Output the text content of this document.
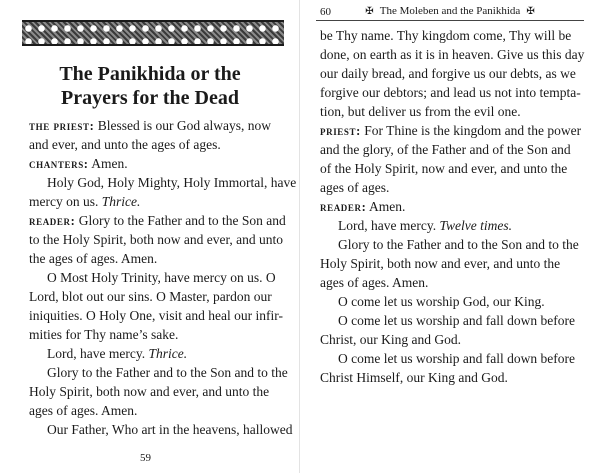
The Panikhida or the
Prayers for the Dead
the priest: Blessed is our God always, now
and ever, and unto the ages of ages.
chanters: Amen.
Holy God, Holy Mighty, Holy Immortal, have
mercy on us. Thrice.
reader: Glory to the Father and to the Son and
to the Holy Spirit, both now and ever, and unto
the ages of ages. Amen.
O Most Holy Trinity, have mercy on us. O
Lord, blot out our sins. O Master, pardon our
iniquities. O Holy One, visit and heal our infir-
mities for Thy name’s sake.
Lord, have mercy. Thrice.
Glory to the Father and to the Son and to the
Holy Spirit, both now and ever, and unto the
ages of ages. Amen.
Our Father, Who art in the heavens, hallowed
59
60	✠ The Moleben and the Panikhida ✠
be Thy name. Thy kingdom come, Thy will be
done, on earth as it is in heaven. Give us this day
our daily bread, and forgive us our debts, as we
forgive our debtors; and lead us not into tempta-
tion, but deliver us from the evil one.
priest: For Thine is the kingdom and the power
and the glory, of the Father and of the Son and
of the Holy Spirit, now and ever, and unto the
ages of ages.
reader: Amen.
Lord, have mercy. Twelve times.
Glory to the Father and to the Son and to the
Holy Spirit, both now and ever, and unto the
ages of ages. Amen.
O come let us worship God, our King.
O come let us worship and fall down before
Christ, our King and God.
O come let us worship and fall down before
Christ Himself, our King and God.
